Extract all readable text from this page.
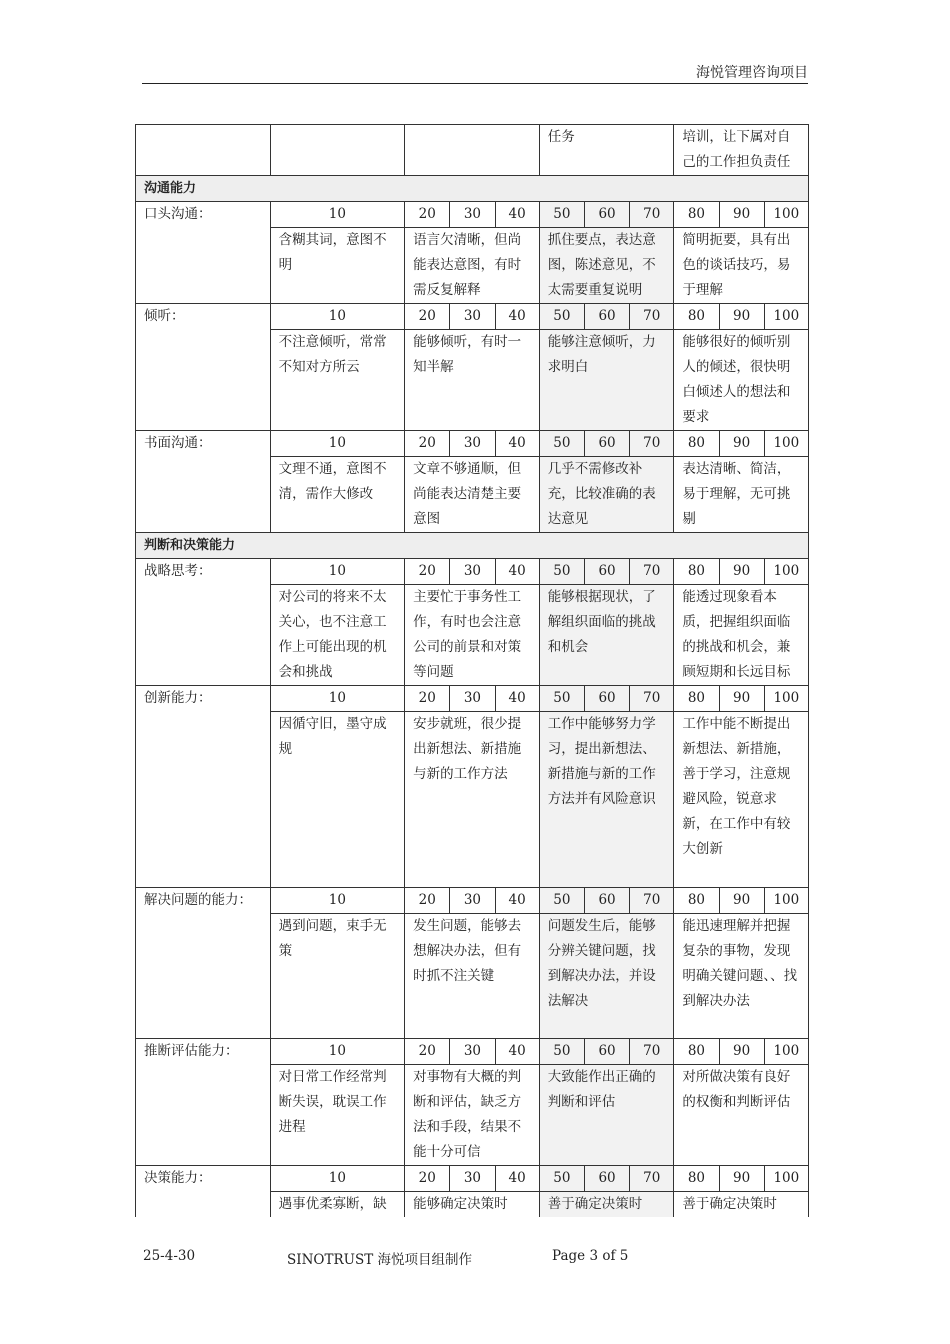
海悦管理咨询项目
					任务			培训，让下属对自己的工作担负责任		
沟通能力										
口头沟通：	10	20	30	40	50	60	70	80	90	100
	含糊其词，意图不明	语言欠清晰，但尚能表达意图，有时需反复解释			抓住要点，表达意图，陈述意见，不太需要重复说明			简明扼要，具有出色的谈话技巧，易于理解		
倾听：	10	20	30	40	50	60	70	80	90	100
	不注意倾听，常常不知对方所云	能够倾听，有时一知半解			能够注意倾听，力求明白			能够很好的倾听别人的倾述，很快明白倾述人的想法和要求		
书面沟通：	10	20	30	40	50	60	70	80	90	100
	文理不通，意图不清，需作大修改	文章不够通顺，但尚能表达清楚主要意图			几乎不需修改补充，比较准确的表达意见			表达清晰、简洁，易于理解，无可挑剔		
判断和决策能力										
战略思考：	10	20	30	40	50	60	70	80	90	100
	对公司的将来不太关心，也不注意工作上可能出现的机会和挑战	主要忙于事务性工作，有时也会注意公司的前景和对策等问题			能够根据现状，了解组织面临的挑战和机会			能透过现象看本质，把握组织面临的挑战和机会，兼顾短期和长远目标		
创新能力：	10	20	30	40	50	60	70	80	90	100
	因循守旧，墨守成规	安步就班，很少提出新想法、新措施与新的工作方法			工作中能够努力学习，提出新想法、新措施与新的工作方法并有风险意识			工作中能不断提出新想法、新措施，善于学习，注意规避风险，锐意求新，在工作中有较大创新		
解决问题的能力：	10	20	30	40	50	60	70	80	90	100
	遇到问题，束手无策	发生问题，能够去想解决办法，但有时抓不注关键			问题发生后，能够分辨关键问题，找到解决办法，并设法解决			能迅速理解并把握复杂的事物，发现明确关键问题、、找到解决办法		
推断评估能力：	10	20	30	40	50	60	70	80	90	100
	对日常工作经常判断失误，耽误工作进程	对事物有大概的判断和评估，缺乏方法和手段，结果不能十分可信			大致能作出正确的判断和评估			对所做决策有良好的权衡和判断评估		
决策能力：	10	20	30	40	50	60	70	80	90	100
	遇事优柔寡断，缺	能够确定决策时			善于确定决策时			善于确定决策时		
25-4-30	SINOTRUST 海悦项目组制作	Page 3 of 5
